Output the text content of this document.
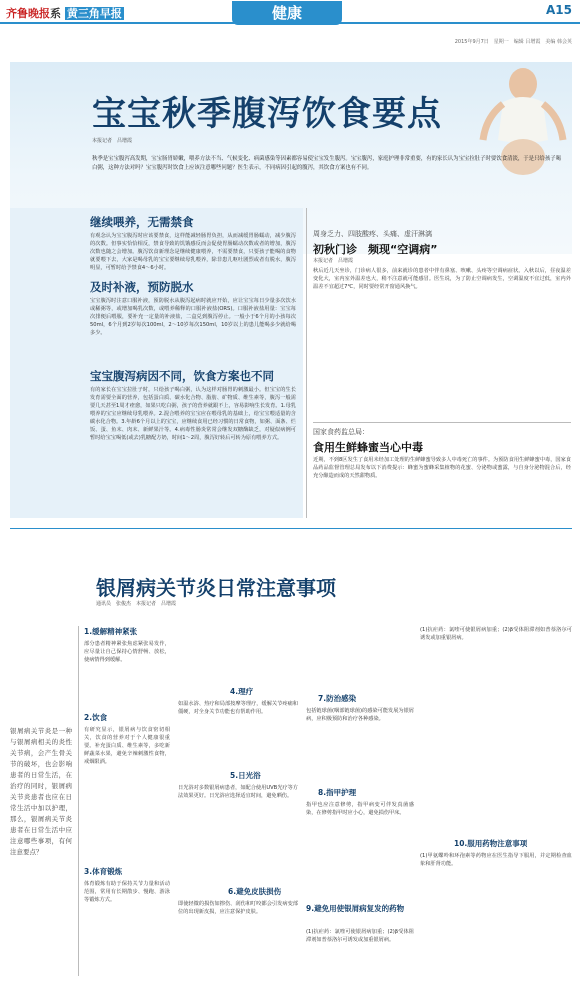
齐鲁晚报系 黄三角早报	健康	A15
2015年9月7日　星期一　编辑 吕增霞　美编 韩会英
宝宝秋季腹泻饮食要点
本报记者　吕增霞
秋季是宝宝腹泻高发期，宝宝肠胃娇嫩，喂养方法不当、气候变化、病菌感染等因素都容易使宝宝发生腹泻。宝宝腹泻，家庭护理非常重要，有的家长认为宝宝拉肚子时要饮食清淡，于是只给孩子喝白粥，这种方法对吗？宝宝腹泻时饮食上应该注意哪些问题？医生表示，不同病因引起的腹泻，其饮食方案也有不同。
继续喂养，无需禁食
有观念认为宝宝腹泻时应该要禁食，这样能减轻肠胃负担，从而减缓胃肠蠕动，减少腹泻的次数。但事实恰恰相反，禁食导致的饥饿感反而会促使胃肠蠕动次数或者的增加，腹泻次数也随之会增加。腹泻饮食新理念是继续健康喂养，不需要禁食，只要孩子能喝的食物就要喂下去，大家是喝母乳的宝宝要继续母乳喂养，除非患儿呕吐剧烈或者有脱水，腹泻明显，可暂时给予禁食4～6小时。
及时补液，预防脱水
宝宝腹泻时注意口服补液，预防脱水从腹泻起病时就应开始，应让宝宝每日少量多次饮水或稀粥等，或增加喝乳次数，或喂养稀释的口服补液盐(ORS)。口服补液盐用量：宝宝每次排便后喂服，要补充一定量的补液盐，二盒兑到腹泻停止。一般小于6个月的小孩每次50ml，6个月到2岁每次100ml，2～10岁每次150ml，10岁以上的患儿能喝多少就给喝多少。
宝宝腹泻病因不同，饮食方案也不同
有的家长在宝宝拉肚子时，只给孩子喝白粥，认为这样对肠胃的刺激最小。但宝宝的生长发育需要全面的营养，包括蛋白质、碳水化合物、脂肪、矿物质、维生素等，腹泻一般需要几天甚至1周才痊愈，如果只吃白粥，孩子的营养就跟不上，容易影响生长发育。1.母乳喂养的宝宝应继续母乳喂养。2.混合喂养的宝宝应在喂母乳的基础上，给宝宝喂适量的含碳水化合物。3.年龄6个月以上的宝宝，应继续食用已经习惯的日常食物，如粥、面条、烂饭、蛋、鱼末、肉末、新鲜果汁等。4.病毒性肠炎常常会继发双糖酶缺乏，对疑似病例可暂时给宝宝喝低(或去)乳糖配方奶，时间1～2周，腹泻好转后可转为原有喂养方式。
周身乏力、四肢酸疼、头痛、虚汗淋漓
初秋门诊　频现“空调病”
本报记者　吕增霞
秋后近几天坐诊，门诊病人很多，前来就诊的患者中伴有鼻塞、咳嗽、头疼等空调病症状。入秋以后，昼夜温差变化大，室内室外温差也大，稍不注意就可能感冒。医生说，为了防止空调病发生，空调温度不宜过低，室内外温差不宜超过7℃，同时要经常开窗通风换气。
国家食药监总局：
食用生鲜蜂蜜当心中毒
近期，不到8区发生了食用未经加工处理的生鲜蜂蜜导致多人中毒死亡的事件。为预防食用生鲜蜂蜜中毒，国家食品药品监督管理总局发布以下消费提示：蜂蜜为蜜蜂采集植物的花蜜、分泌物或蜜露，与自身分泌物混合后，经充分酿造而成的天然甜物质。
银屑病关节炎日常注意事项
通讯员　张俊杰　本报记者　吕增霞
银屑病关节炎是一种与银屑病相关的炎性关节病，会产生骨关节的破坏，也会影响患者的日常生活，在治疗的同时，银屑病关节炎患者也应在日常生活中加以护理，那么，银屑病关节炎患者在日常生活中应注意哪些事项，有何注意要点？
1.缓解精神紧张
部分患者精神紧张焦虑紧张易发作，应尽量让自己保持心情舒畅、放松，使病情得到缓解。
2.饮食
有研究显示，银屑病与饮食密切相关，饮食的营养对于个人健康很重要。补充蛋白质、维生素等，多吃新鲜蔬菜水果，避免辛辣刺激性食物，戒烟限酒。
3.体育锻炼
体育锻炼有助于保持关节力量和活动范围，常用有长期散步、慢跑、游泳等锻炼方式。
4.理疗
如温水浴、热疗和局部按摩等理疗，缓解关节疼痛和僵硬，对全身关节功能也有帮助作用。
5.日光浴
日光浴对多数银屑病患者，如配合使用UVB光疗等方法效果更好。日光浴应选择适宜时间，避免晒伤。
6.避免皮肤损伤
即使轻微的损伤如擦伤、刮伤和叮咬都会引发病变部位的出现新皮损，应注意保护皮肤。
7.防治感染
包括链球菌(咽部链球菌)的感染可能发展为银屑病，应积极预防和治疗各种感染。
8.指甲护理
指甲也应注意修剪，指甲病变可伴发真菌感染，在修剪指甲时应小心，避免损伤甲床。
9.避免用使银屑病复发的药物
(1)抗疟药：氯喹可使银屑病加重；(2)β受体阻滞剂如普萘洛尔可诱发或加重银屑病。
(1)抗疟药：氯喹可使银屑病加重；(2)β受体阻滞剂如普萘洛尔可诱发或加重银屑病。
10.服用药物注意事项
(1)甲氨蝶呤和环孢素等药物应在医生指导下服用，并定期检查血象和肝肾功能。
